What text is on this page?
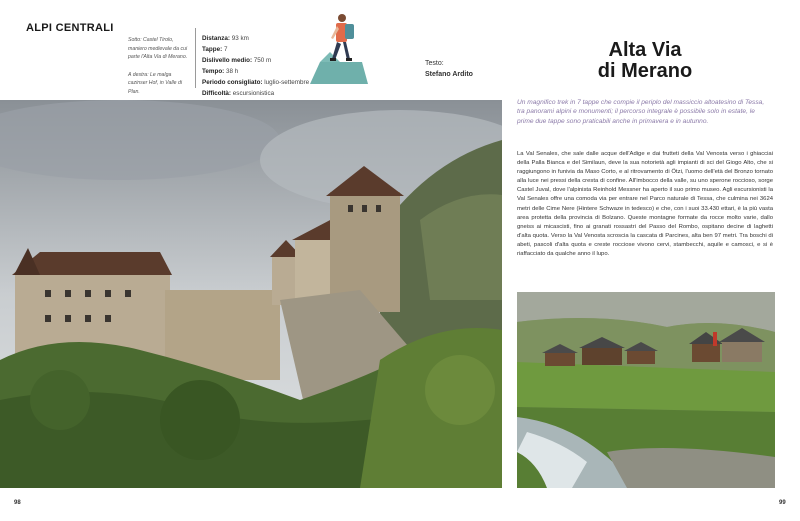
ALPI CENTRALI

Sotto: Castel Tirolo, maniero medievale da cui parte l'Alta Via di Merano.

A destra: Le malga cazinser Hof, in Valle di Plan.

Distanza: 93 km
Tappe: 7
Dislivello medio: 750 m
Tempo: 38 h
Periodo consigliato: luglio-settembre
Difficoltà: escursionistica
Testo:
Stefano Ardito
Alta Via
di Merano
Un magnifico trek in 7 tappe che compie il periplo del massiccio altoatesino di Tessa, tra panorami alpini e monumenti; il percorso integrale è possibile solo in estate, le prime due tappe sono praticabili anche in primavera e in autunno.
La Val Senales, che sale dalle acque dell'Adige e dai frutteti della Val Venosta verso i ghiacciai della Palla Bianca e del Similaun, deve la sua notorietà agli impianti di sci del Giogo Alto, che si raggiungono in funivia da Maso Corto, e al ritrovamento di Ötzi, l'uomo dell'età del Bronzo tornato alla luce nei pressi della cresta di confine. All'imbocco della valle, su uno sperone roccioso, sorge Castel Juval, dove l'alpinista Reinhold Messner ha aperto il suo primo museo. Agli escursionisti la Val Senales offre una comoda via per entrare nel Parco naturale di Tessa, che culmina nei 3624 metri delle Cime Nere (Hintere Schwaze in tedesco) e che, con i suoi 33.430 ettari, è la più vasta area protetta della provincia di Bolzano. Queste montagne formate da rocce molto varie, dallo gneiss ai micascisti, fino ai granati rossastri del Passo del Rombo, ospitano decine di laghetti d'alta quota. Verso la Val Venosta scroscia la cascata di Parcines, alta ben 97 metri. Tra boschi di abeti, pascoli d'alta quota e creste rocciose vivono cervi, stambecchi, aquile e camosci, e si è riaffacciato da qualche anno il lupo.
98	99
